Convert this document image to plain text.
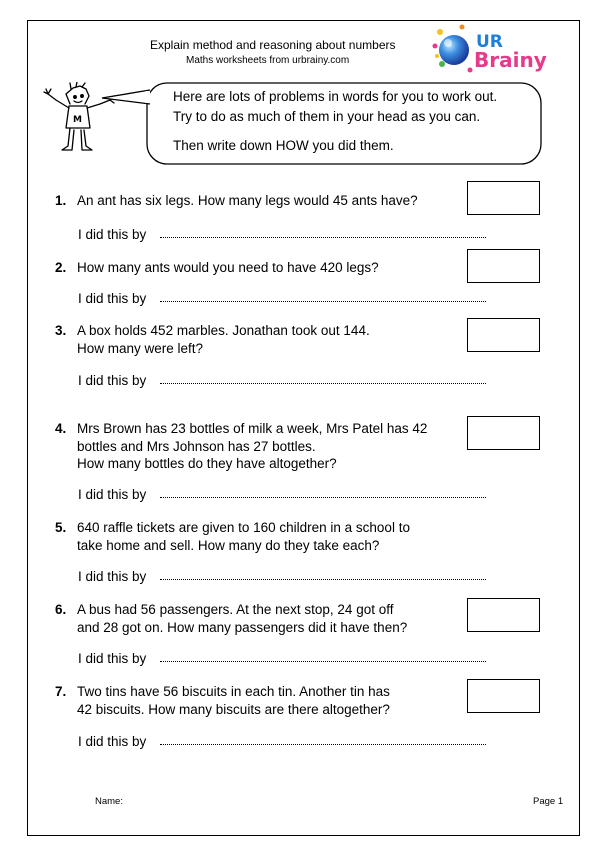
Explain method and reasoning about numbers
Maths worksheets from urbrainy.com
UR
Brainy
M
Here are lots of problems in words for you to work out.
Try to do as much of them in your head as you can.
Then write down HOW you did them.
1. An ant has six legs. How many legs would 45 ants have?
I did this by
2. How many ants would you need to have 420 legs?
I did this by
3. A box holds 452 marbles. Jonathan took out 144.
How many were left?
I did this by
4. Mrs Brown has 23 bottles of milk a week, Mrs Patel has 42
bottles and Mrs Johnson has 27 bottles.
How many bottles do they have altogether?
I did this by
5. 640 raffle tickets are given to 160 children in a school to
take home and sell. How many do they take each?
I did this by
6. A bus had 56 passengers. At the next stop, 24 got off
and 28 got on. How many passengers did it have then?
I did this by
7. Two tins have 56 biscuits in each tin. Another tin has
42 biscuits. How many biscuits are there altogether?
I did this by
Name:	Page 1
